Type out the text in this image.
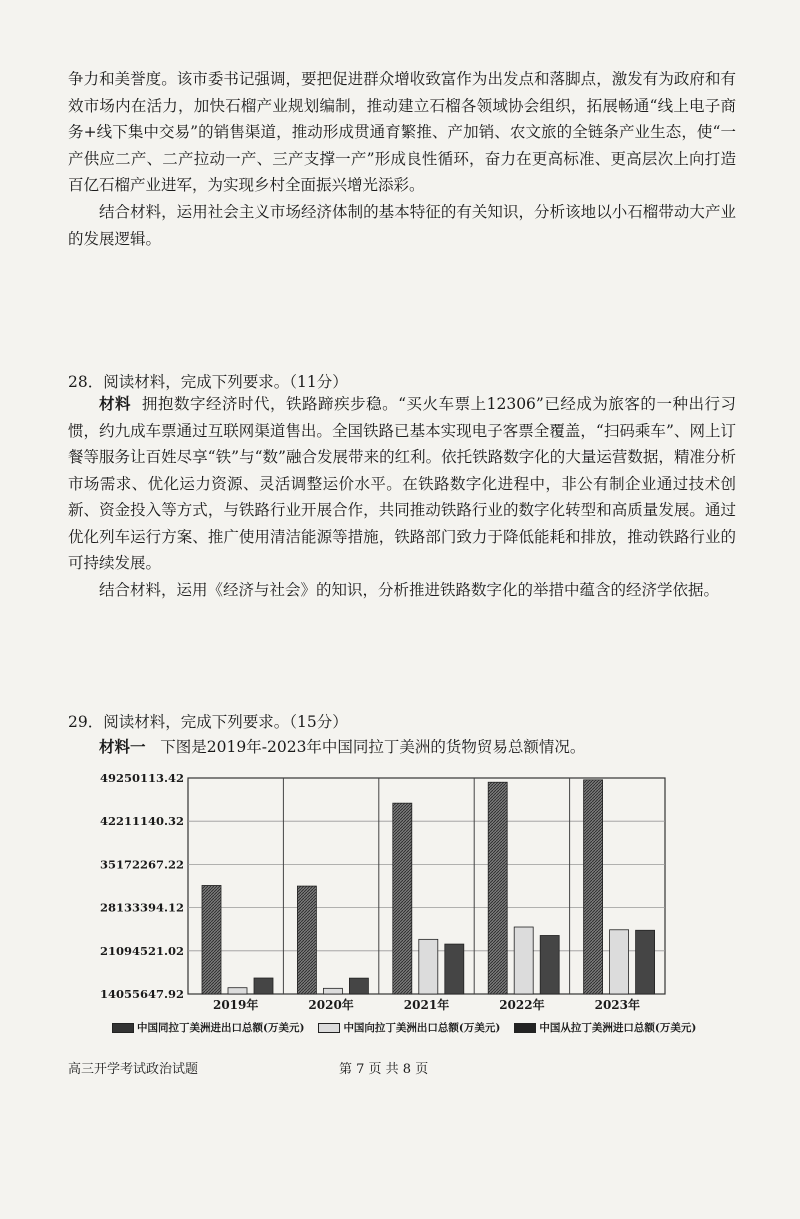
争力和美誉度。该市委书记强调，要把促进群众增收致富作为出发点和落脚点，激发有为政府和有效市场内在活力，加快石榴产业规划编制，推动建立石榴各领域协会组织，拓展畅通“线上电子商务+线下集中交易”的销售渠道，推动形成贯通育繁推、产加销、农文旅的全链条产业生态，使“一产供应二产、二产拉动一产、三产支撑一产”形成良性循环，奋力在更高标准、更高层次上向打造百亿石榴产业进军，为实现乡村全面振兴增光添彩。

结合材料，运用社会主义市场经济体制的基本特征的有关知识，分析该地以小石榴带动大产业的发展逻辑。

28．阅读材料，完成下列要求。（11分）

材料 拥抱数字经济时代，铁路蹄疾步稳。“买火车票上12306”已经成为旅客的一种出行习惯，约九成车票通过互联网渠道售出。全国铁路已基本实现电子客票全覆盖，“扫码乘车”、网上订餐等服务让百姓尽享“铁”与“数”融合发展带来的红利。依托铁路数字化的大量运营数据，精准分析市场需求、优化运力资源、灵活调整运价水平。在铁路数字化进程中，非公有制企业通过技术创新、资金投入等方式，与铁路行业开展合作，共同推动铁路行业的数字化转型和高质量发展。通过优化列车运行方案、推广使用清洁能源等措施，铁路部门致力于降低能耗和排放，推动铁路行业的可持续发展。

结合材料，运用《经济与社会》的知识，分析推进铁路数字化的举措中蕴含的经济学依据。

29．阅读材料，完成下列要求。（15分）

材料一 下图是2019年-2023年中国同拉丁美洲的货物贸易总额情况。

49250113.42
42211140.32
35172267.22
28133394.12
21094521.02
14055647.92
2019年	2020年	2021年	2022年	2023年
中国同拉丁美洲进出口总额(万美元)	中国向拉丁美洲出口总额(万美元)	中国从拉丁美洲进口总额(万美元)
高三开学考试政治试题	第 7 页 共 8 页
